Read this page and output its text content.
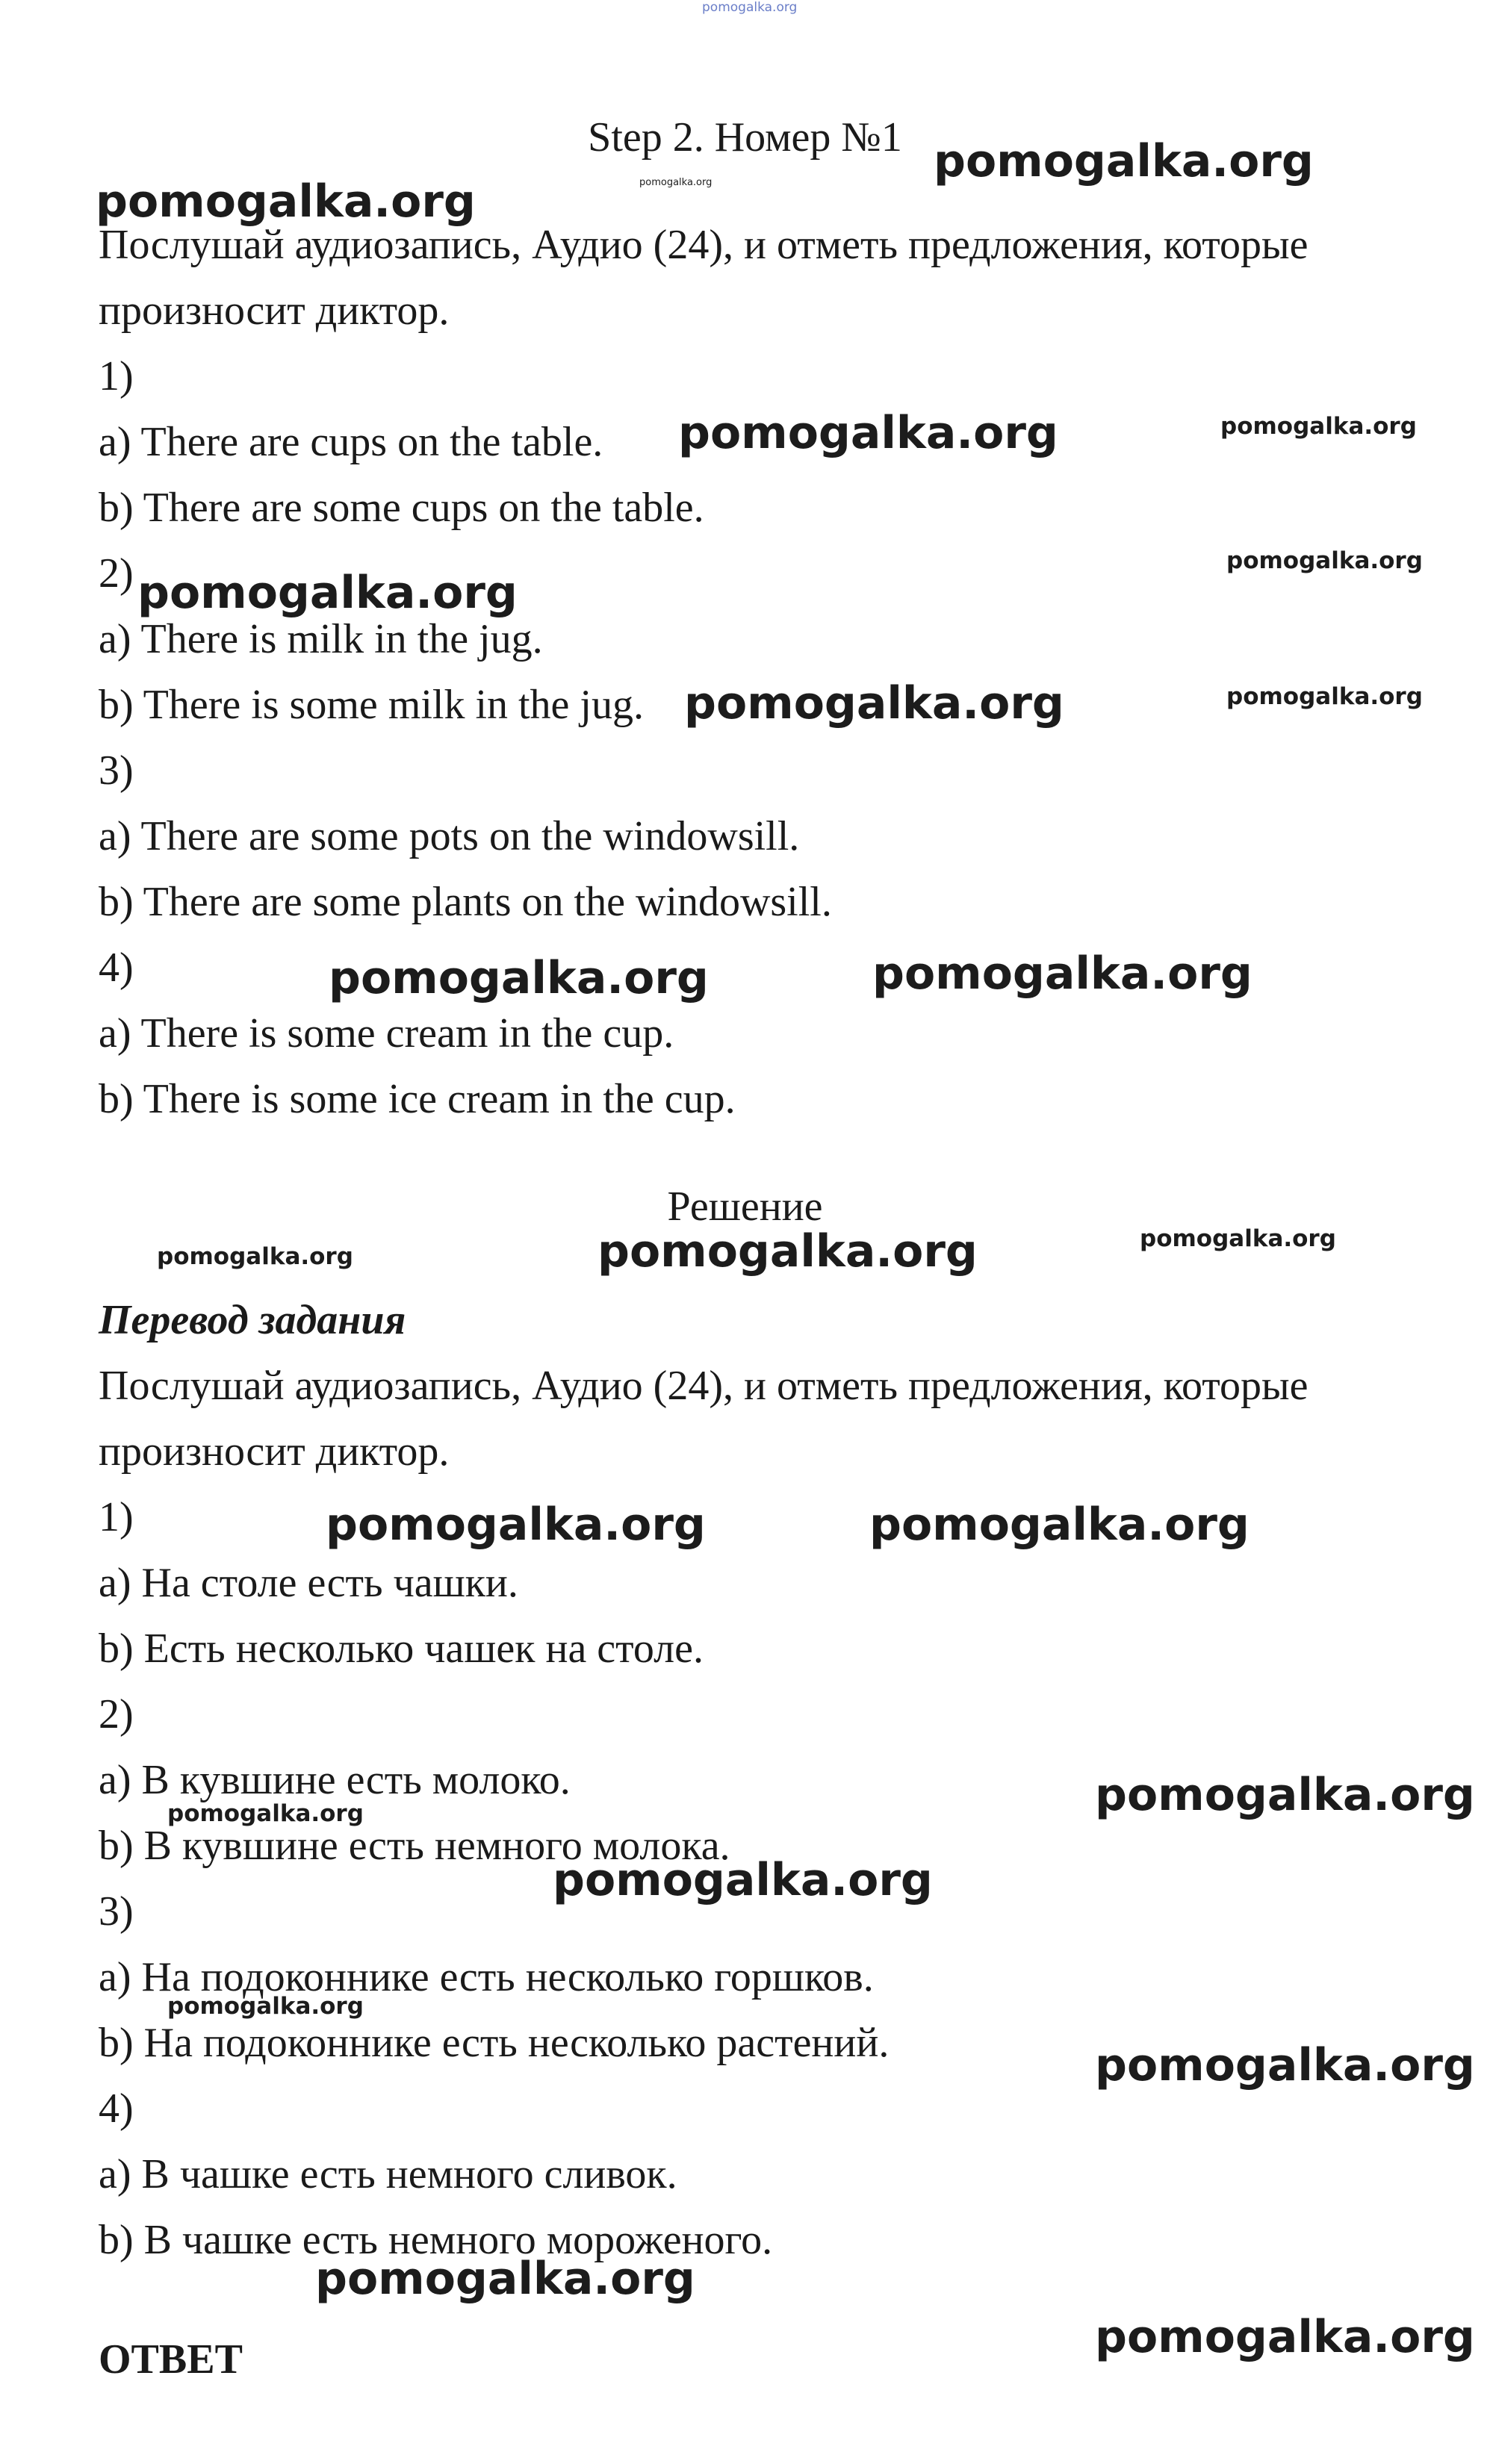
Step 2. Номер №1
Послушай аудиозапись, Аудио (24), и отметь предложения, которые
произносит диктор.
1)
a) There are cups on the table.
b) There are some cups on the table.
2)
a) There is milk in the jug.
b) There is some milk in the jug.
3)
a) There are some pots on the windowsill.
b) There are some plants on the windowsill.
4)
a) There is some cream in the cup.
b) There is some ice cream in the cup.
Решение
Перевод задания
Послушай аудиозапись, Аудио (24), и отметь предложения, которые
произносит диктор.
1)
a) На столе есть чашки.
b) Есть несколько чашек на столе.
2)
a) В кувшине есть молоко.
b) В кувшине есть немного молока.
3)
a) На подоконнике есть несколько горшков.
b) На подоконнике есть несколько растений.
4)
a) В чашке есть немного сливок.
b) В чашке есть немного мороженого.
ОТВЕТ
pomogalka.org
pomogalka.org
pomogalka.org
pomogalka.org
pomogalka.org	pomogalka.org
pomogalka.org
pomogalka.org
pomogalka.org	pomogalka.org
pomogalka.org	pomogalka.org
pomogalka.org
pomogalka.org
pomogalka.org
pomogalka.org	pomogalka.org
pomogalka.org
pomogalka.org
pomogalka.org
pomogalka.org
pomogalka.org
pomogalka.org
pomogalka.org
